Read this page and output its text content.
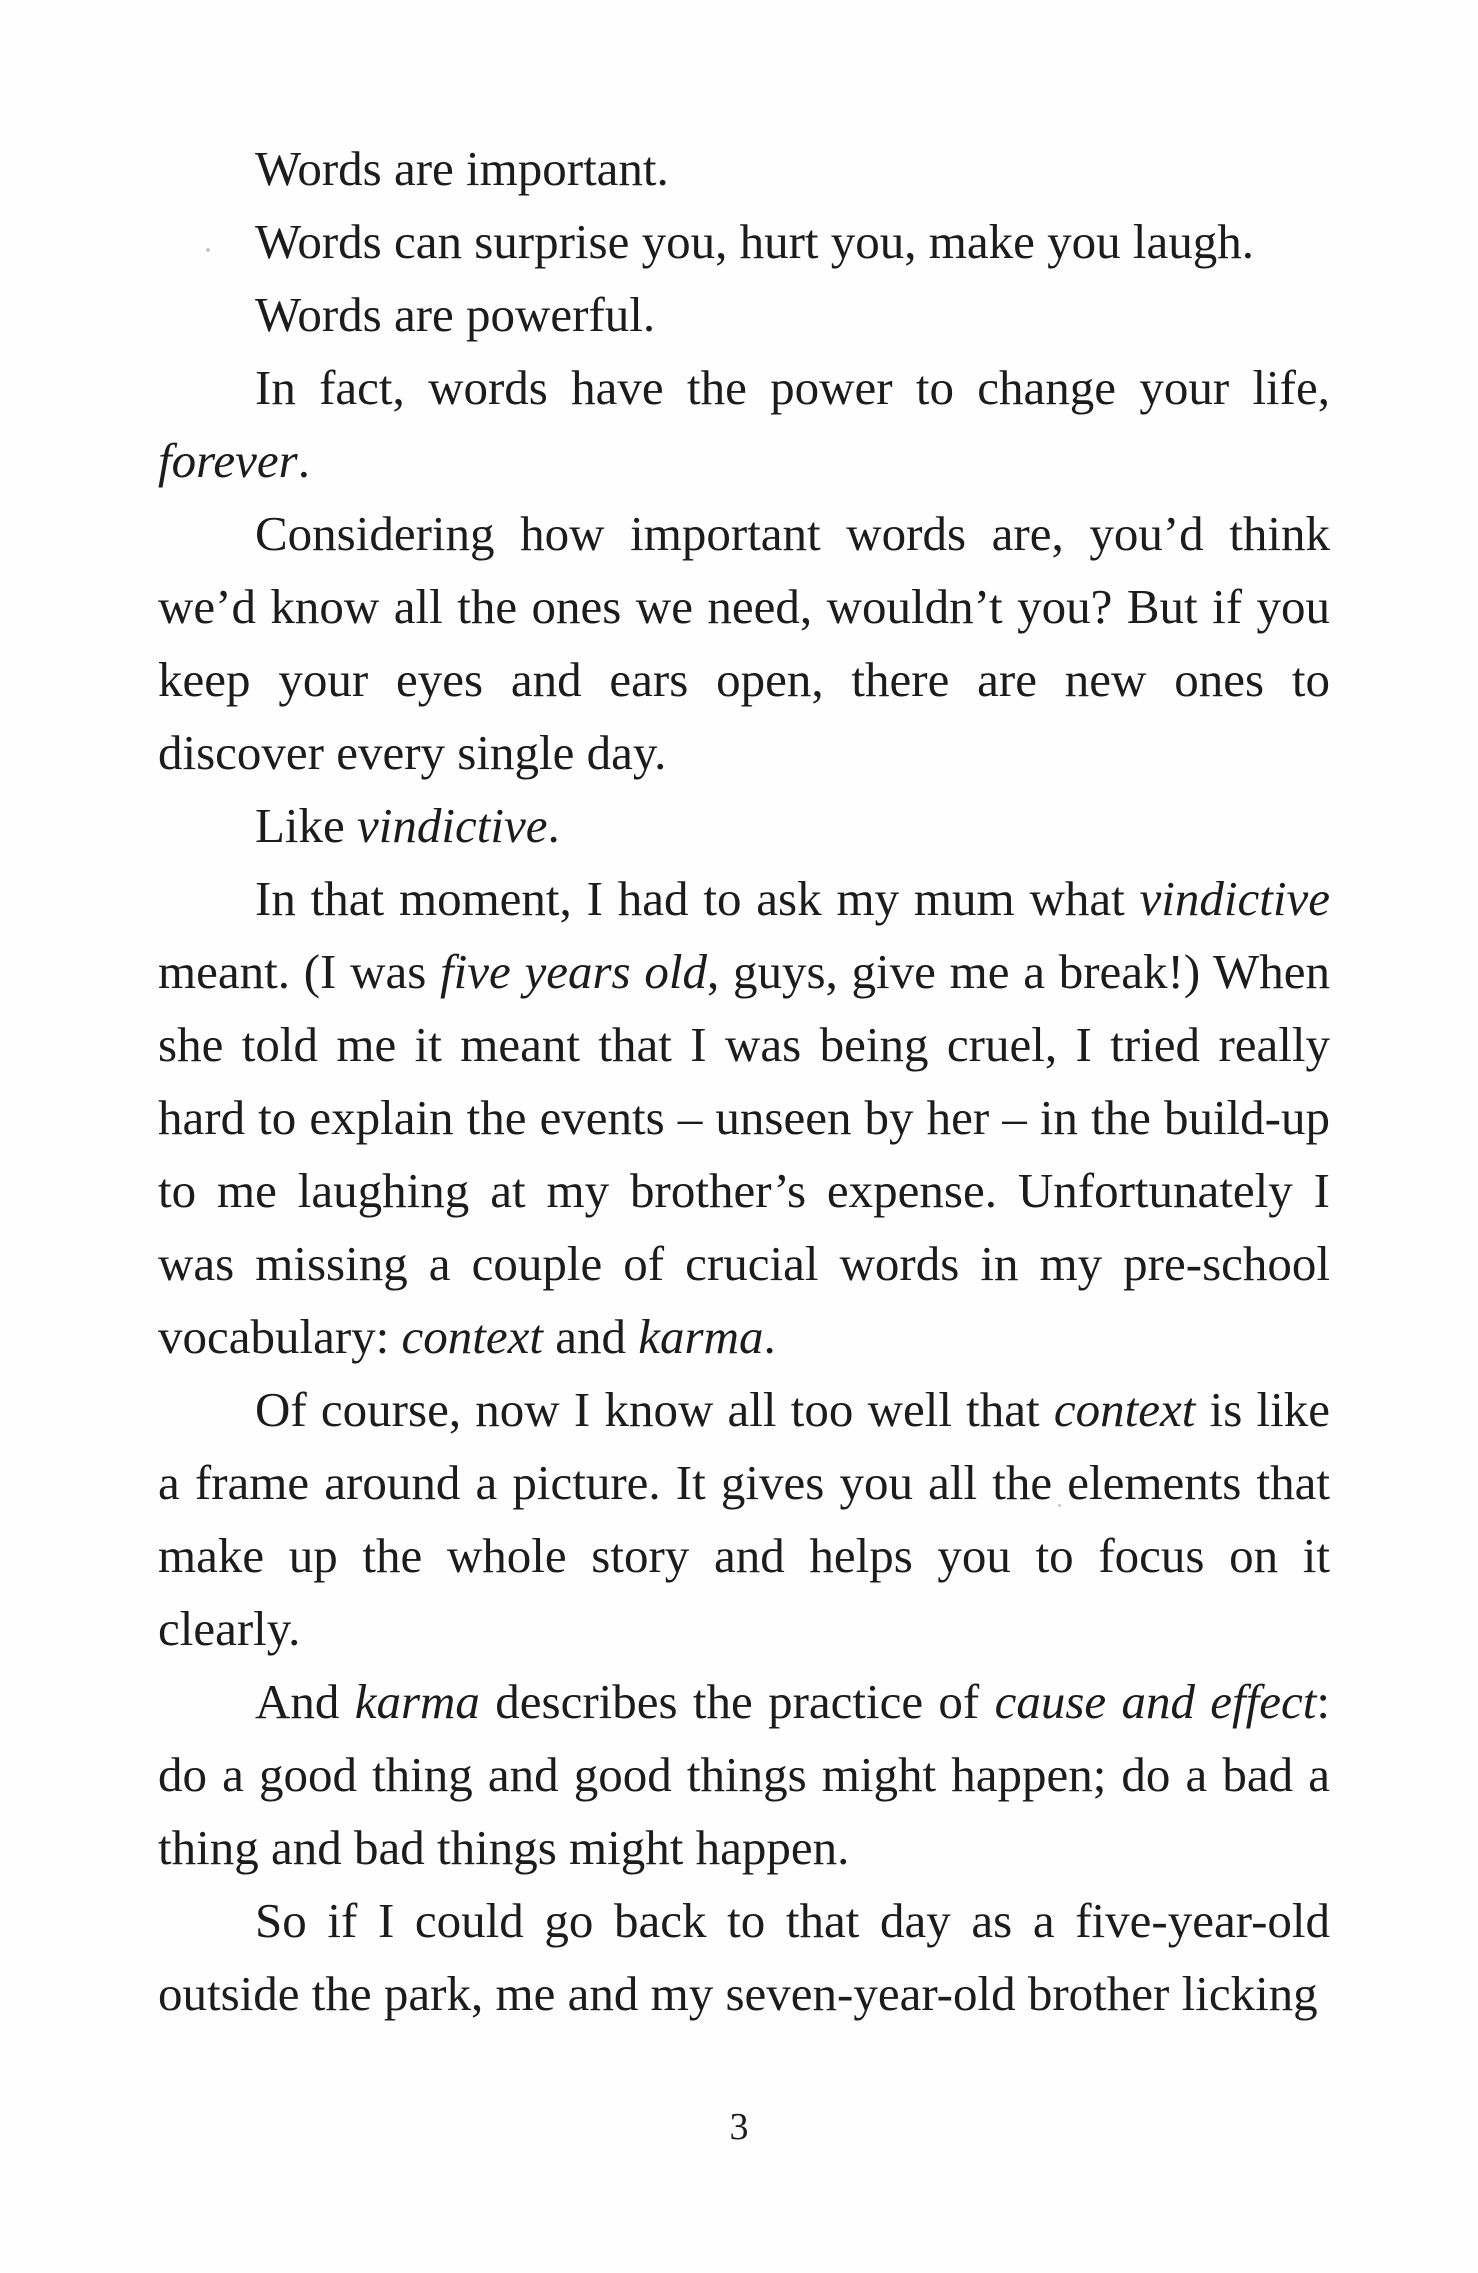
Words are important.

Words can surprise you, hurt you, make you laugh.

Words are powerful.

In fact, words have the power to change your life, forever.

Considering how important words are, you’d think we’d know all the ones we need, wouldn’t you? But if you keep your eyes and ears open, there are new ones to discover every single day.

Like vindictive.

In that moment, I had to ask my mum what vindictive meant. (I was five years old, guys, give me a break!) When she told me it meant that I was being cruel, I tried really hard to explain the events – unseen by her – in the build-up to me laughing at my brother’s expense. Unfortunately I was missing a couple of crucial words in my pre-school vocabulary: context and karma.

Of course, now I know all too well that context is like a frame around a picture. It gives you all the elements that make up the whole story and helps you to focus on it clearly.

And karma describes the practice of cause and effect: do a good thing and good things might happen; do a bad a thing and bad things might happen.

So if I could go back to that day as a five-year-old outside the park, me and my seven-year-old brother licking

3
